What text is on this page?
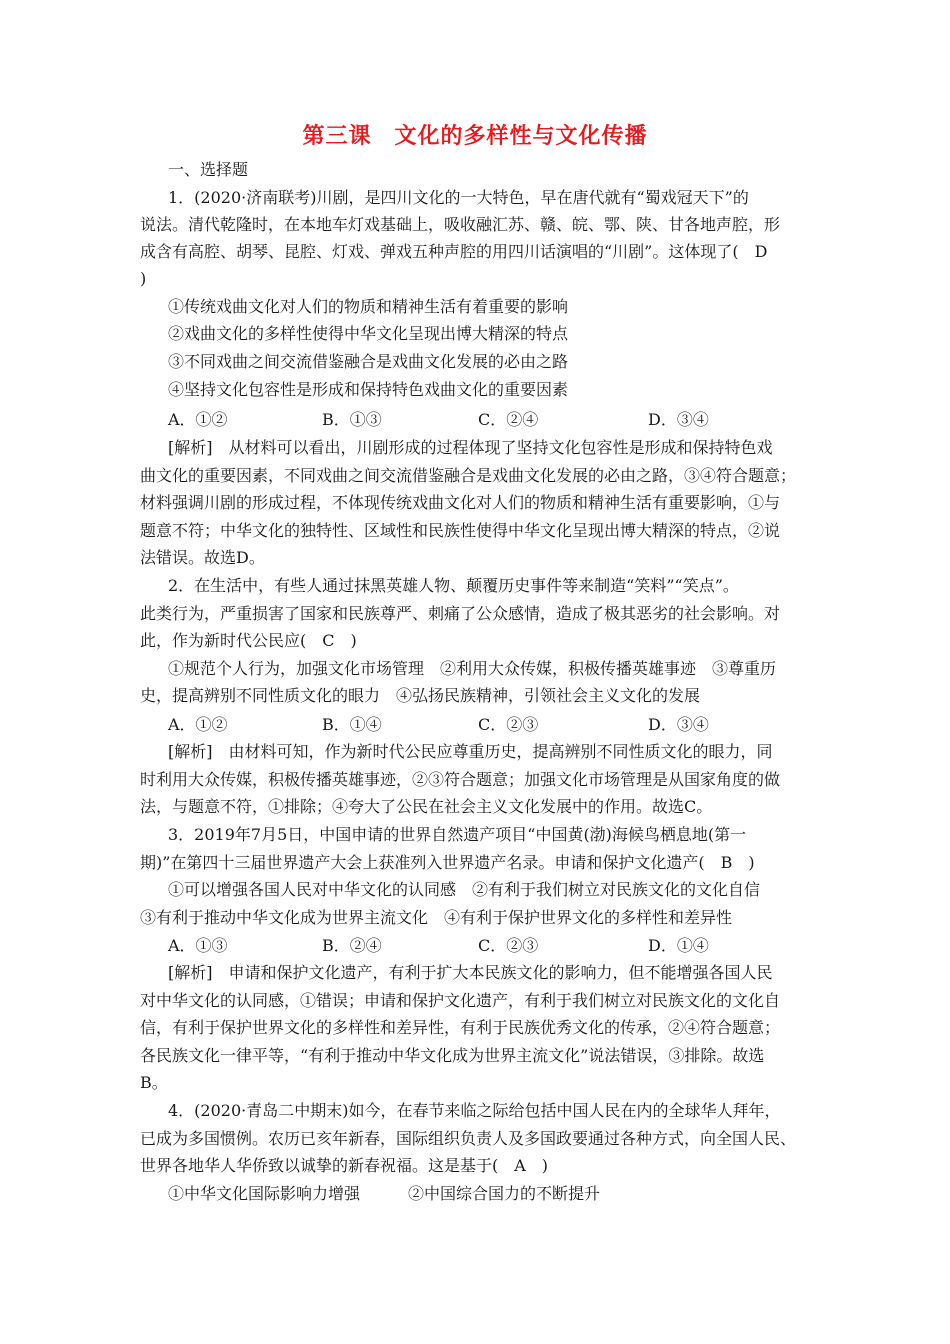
第三课　文化的多样性与文化传播
一、选择题
1．(2020·济南联考)川剧，是四川文化的一大特色，早在唐代就有“蜀戏冠天下”的
说法。清代乾隆时，在本地车灯戏基础上，吸收融汇苏、赣、皖、鄂、陕、甘各地声腔，形
成含有高腔、胡琴、昆腔、灯戏、弹戏五种声腔的用四川话演唱的“川剧”。这体现了(　D
)
①传统戏曲文化对人们的物质和精神生活有着重要的影响
②戏曲文化的多样性使得中华文化呈现出博大精深的特点
③不同戏曲之间交流借鉴融合是戏曲文化发展的必由之路
④坚持文化包容性是形成和保持特色戏曲文化的重要因素
[解析]　从材料可以看出，川剧形成的过程体现了坚持文化包容性是形成和保持特色戏
曲文化的重要因素，不同戏曲之间交流借鉴融合是戏曲文化发展的必由之路，③④符合题意；
材料强调川剧的形成过程，不体现传统戏曲文化对人们的物质和精神生活有重要影响，①与
题意不符；中华文化的独特性、区域性和民族性使得中华文化呈现出博大精深的特点，②说
法错误。故选D。
2．在生活中，有些人通过抹黑英雄人物、颠覆历史事件等来制造“笑料”“笑点”。
此类行为，严重损害了国家和民族尊严、刺痛了公众感情，造成了极其恶劣的社会影响。对
此，作为新时代公民应(　C　)
①规范个人行为，加强文化市场管理　②利用大众传媒，积极传播英雄事迹　③尊重历
史，提高辨别不同性质文化的眼力　④弘扬民族精神，引领社会主义文化的发展
[解析]　由材料可知，作为新时代公民应尊重历史，提高辨别不同性质文化的眼力，同
时利用大众传媒，积极传播英雄事迹，②③符合题意；加强文化市场管理是从国家角度的做
法，与题意不符，①排除；④夸大了公民在社会主义文化发展中的作用。故选C。
3．2019年7月5日，中国申请的世界自然遗产项目“中国黄(渤)海候鸟栖息地(第一
期)”在第四十三届世界遗产大会上获准列入世界遗产名录。申请和保护文化遗产(　B　)
①可以增强各国人民对中华文化的认同感　②有利于我们树立对民族文化的文化自信
③有利于推动中华文化成为世界主流文化　④有利于保护世界文化的多样性和差异性
[解析]　申请和保护文化遗产，有利于扩大本民族文化的影响力，但不能增强各国人民
对中华文化的认同感，①错误；申请和保护文化遗产，有利于我们树立对民族文化的文化自
信，有利于保护世界文化的多样性和差异性，有利于民族优秀文化的传承，②④符合题意；
各民族文化一律平等，“有利于推动中华文化成为世界主流文化”说法错误，③排除。故选
B。
4．(2020·青岛二中期末)如今，在春节来临之际给包括中国人民在内的全球华人拜年，
已成为多国惯例。农历已亥年新春，国际组织负责人及多国政要通过各种方式，向全国人民、
世界各地华人华侨致以诚挚的新春祝福。这是基于(　A　)
①中华文化国际影响力增强　　　②中国综合国力的不断提升
A．①②	B．①③	C．②④	D．③④
A．①②	B．①④	C．②③	D．③④
A．①③	B．②④	C．②③	D．①④
